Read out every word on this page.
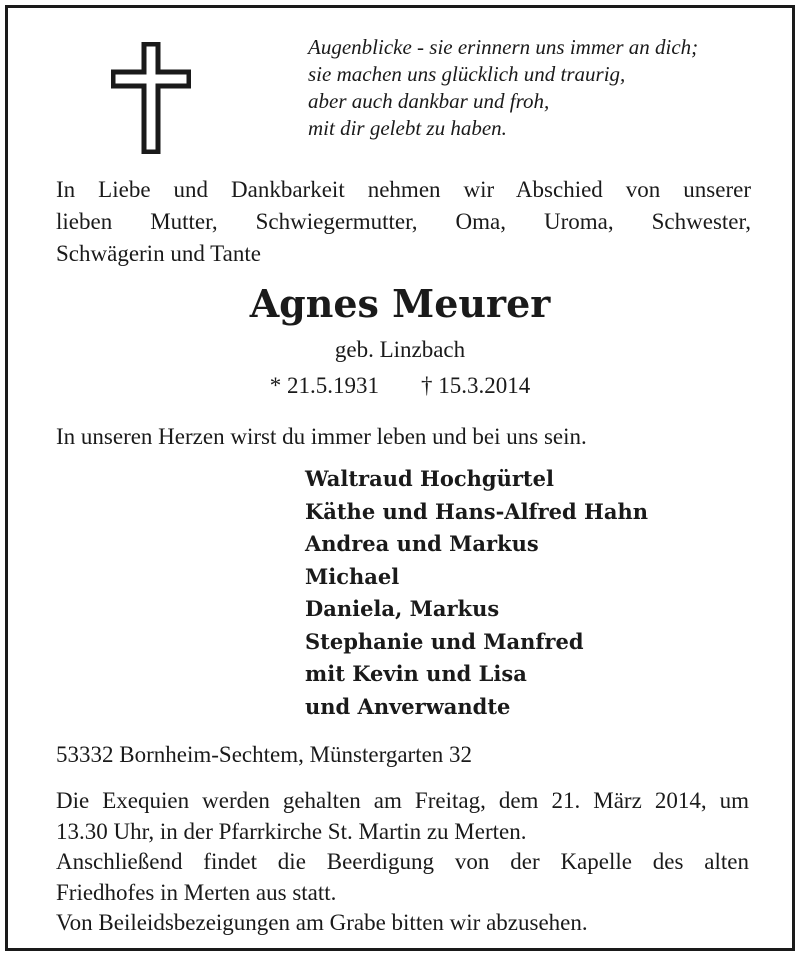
Augenblicke - sie erinnern uns immer an dich;
sie machen uns glücklich und traurig,
aber auch dankbar und froh,
mit dir gelebt zu haben.
In Liebe und Dankbarkeit nehmen wir Abschied von unserer
lieben Mutter, Schwiegermutter, Oma, Uroma, Schwester,
Schwägerin und Tante
Agnes Meurer
geb. Linzbach
* 21.5.1931 † 15.3.2014
In unseren Herzen wirst du immer leben und bei uns sein.
Waltraud Hochgürtel
Käthe und Hans-Alfred Hahn
Andrea und Markus
Michael
Daniela, Markus
Stephanie und Manfred
mit Kevin und Lisa
und Anverwandte
53332 Bornheim-Sechtem, Münstergarten 32
Die Exequien werden gehalten am Freitag, dem 21. März 2014, um
13.30 Uhr, in der Pfarrkirche St. Martin zu Merten.
Anschließend findet die Beerdigung von der Kapelle des alten
Friedhofes in Merten aus statt.
Von Beileidsbezeigungen am Grabe bitten wir abzusehen.
